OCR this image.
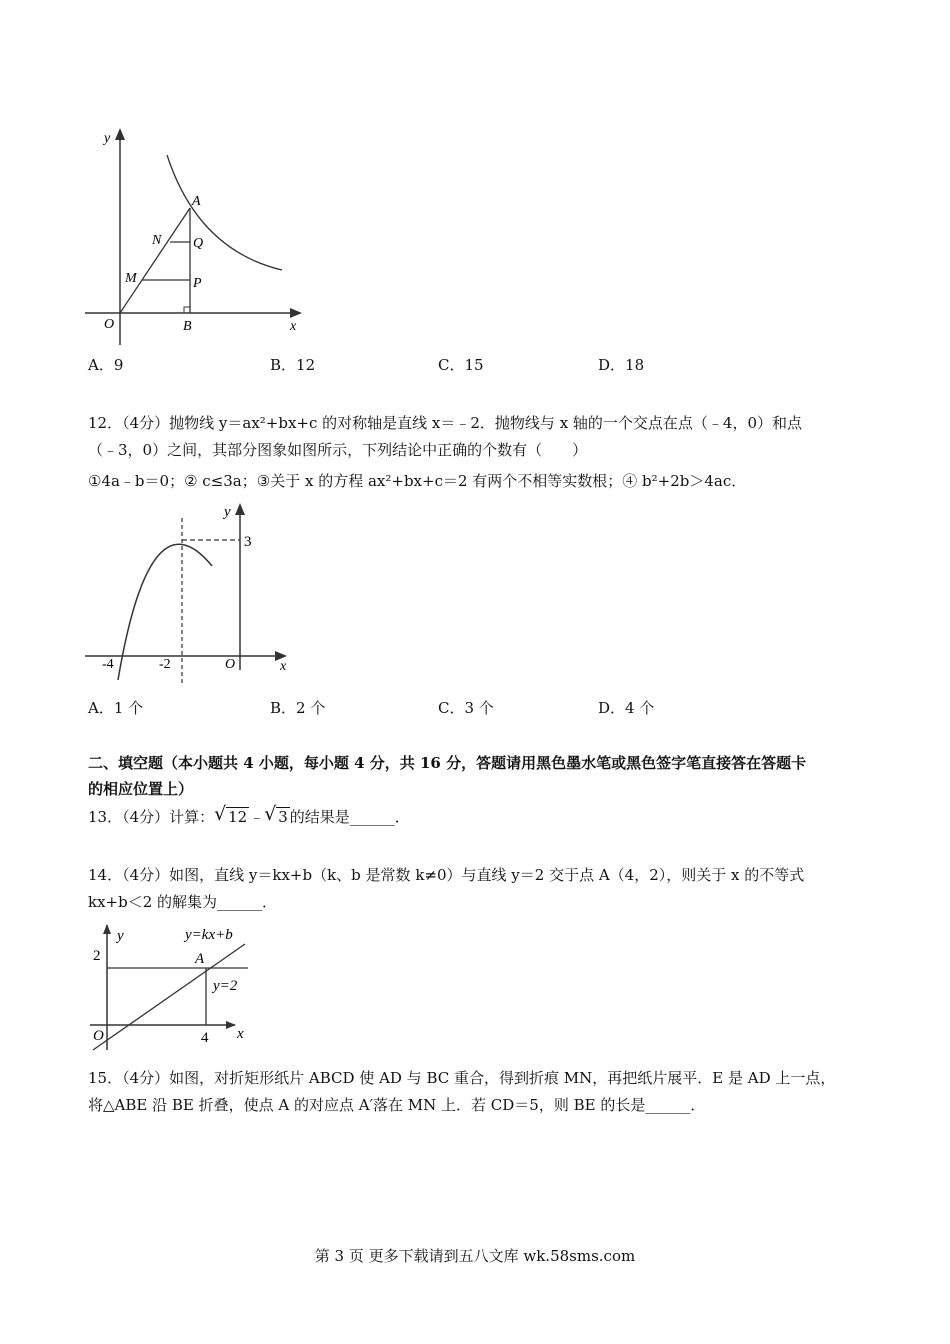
y
x
O
A
B
N Q
M	P
A．9	B．12	C．15	D．18
12．（4分）抛物线 y＝ax²+bx+c 的对称轴是直线 x＝﹣2．抛物线与 x 轴的一个交点在点（﹣4，0）和点
（﹣3，0）之间，其部分图象如图所示，下列结论中正确的个数有（　　）
①4a﹣b＝0；② c≤3a；③关于 x 的方程 ax²+bx+c＝2 有两个不相等实数根；④ b²+2b＞4ac．
y
3
-4	-2	O	x
A．1 个	B．2 个	C．3 个	D．4 个
二、填空题（本小题共 4 小题，每小题 4 分，共 16 分，答题请用黑色墨水笔或黑色签字笔直接答在答题卡
的相应位置上）
13．（4分）计算： √ 12 ﹣ √ 3 的结果是______．
14．（4分）如图，直线 y＝kx+b（k、b 是常数 k≠0）与直线 y＝2 交于点 A（4，2），则关于 x 的不等式
kx+b＜2 的解集为______．
y	y=kx+b
2	A
y=2
O	4 x
15．（4分）如图，对折矩形纸片 ABCD 使 AD 与 BC 重合，得到折痕 MN，再把纸片展平．E 是 AD 上一点，
将△ABE 沿 BE 折叠，使点 A 的对应点 A′落在 MN 上．若 CD＝5，则 BE 的长是______．
第 3 页 更多下载请到五八文库 wk.58sms.com
